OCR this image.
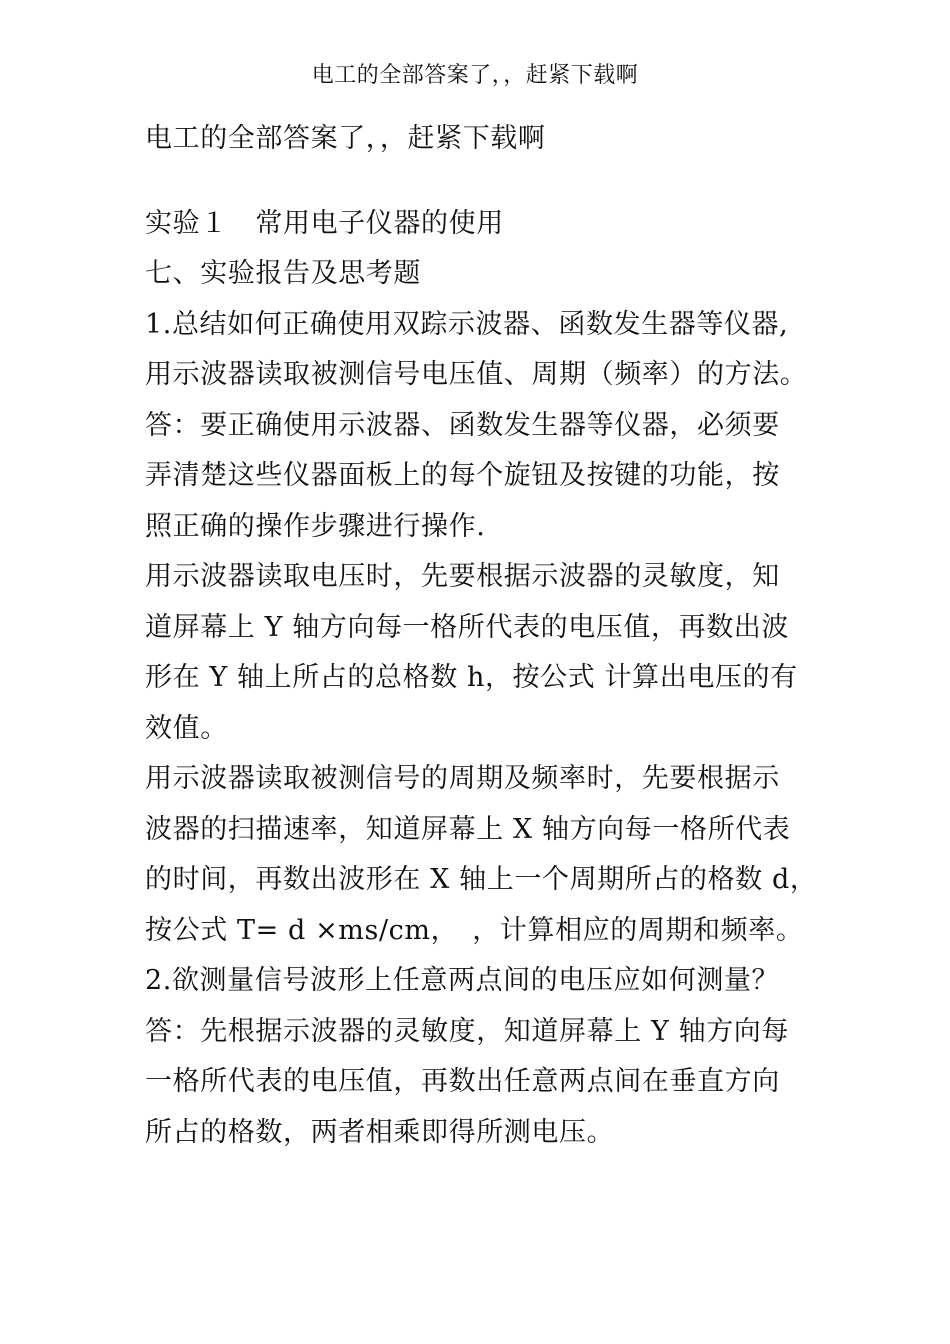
电工的全部答案了，，赶紧下载啊

电工的全部答案了，，赶紧下载啊

实验１　常用电子仪器的使用

七、实验报告及思考题

1.总结如何正确使用双踪示波器、函数发生器等仪器,

用示波器读取被测信号电压值、周期（频率）的方法。

答：要正确使用示波器、函数发生器等仪器，必须要

弄清楚这些仪器面板上的每个旋钮及按键的功能，按

照正确的操作步骤进行操作.

用示波器读取电压时，先要根据示波器的灵敏度，知

道屏幕上 Y 轴方向每一格所代表的电压值，再数出波

形在 Y 轴上所占的总格数 h，按公式 计算出电压的有

效值。

用示波器读取被测信号的周期及频率时，先要根据示

波器的扫描速率，知道屏幕上 X 轴方向每一格所代表

的时间，再数出波形在 X 轴上一个周期所占的格数 d，

按公式 T= d ×ms/cm，　，计算相应的周期和频率。

2.欲测量信号波形上任意两点间的电压应如何测量？

答：先根据示波器的灵敏度，知道屏幕上 Y 轴方向每

一格所代表的电压值，再数出任意两点间在垂直方向

所占的格数，两者相乘即得所测电压。
